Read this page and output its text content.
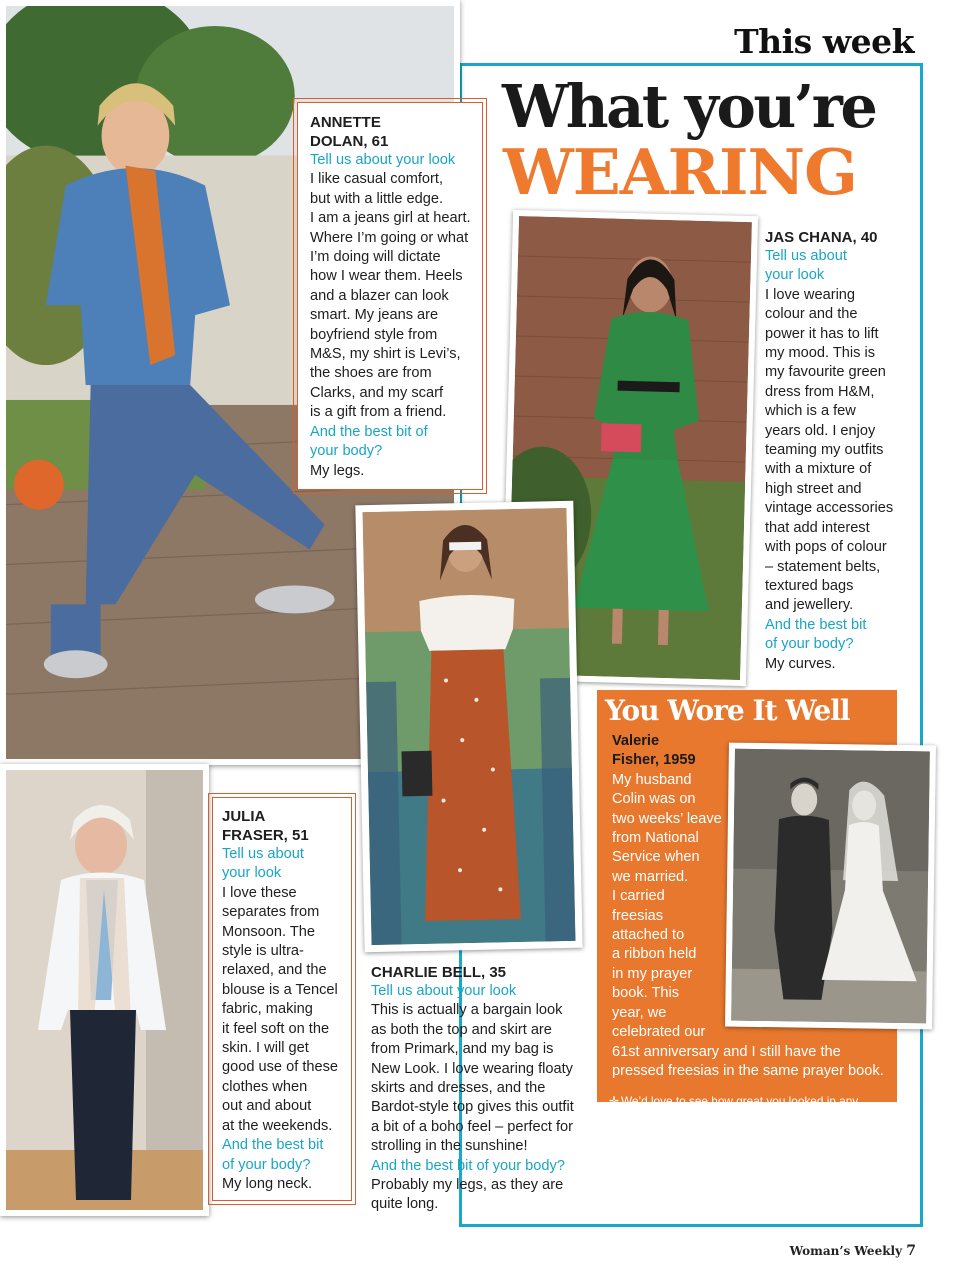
This week
What you’re
WEARING

ANNETTE
DOLAN, 61

Tell us about your look
I like casual comfort,
but with a little edge.
I am a jeans girl at heart.
Where I’m going or what
I’m doing will dictate
how I wear them. Heels
and a blazer can look
smart. My jeans are
boyfriend style from
M&S, my shirt is Levi’s,
the shoes are from
Clarks, and my scarf
is a gift from a friend.
And the best bit of
your body?
My legs.

JAS CHANA, 40

Tell us about
your look
I love wearing
colour and the
power it has to lift
my mood. This is
my favourite green
dress from H&M,
which is a few
years old. I enjoy
teaming my outfits
with a mixture of
high street and
vintage accessories
that add interest
with pops of colour
– statement belts,
textured bags
and jewellery.
And the best bit
of your body?
My curves.

JULIA
FRASER, 51

Tell us about
your look
I love these
separates from
Monsoon. The
style is ultra-
relaxed, and the
blouse is a Tencel
fabric, making
it feel soft on the
skin. I will get
good use of these
clothes when
out and about
at the weekends.
And the best bit
of your body?
My long neck.

CHARLIE BELL, 35

Tell us about your look
This is actually a bargain look
as both the top and skirt are
from Primark, and my bag is
New Look. I love wearing floaty
skirts and dresses, and the
Bardot-style top gives this outfit
a bit of a boho feel – perfect for
strolling in the sunshine!
And the best bit of your body?
Probably my legs, as they are
quite long.
You Wore It Well
Valerie
Fisher, 1959
My husband
Colin was on
two weeks’ leave
from National
Service when
we married.
I carried
freesias
attached to
a ribbon held
in my prayer
book. This
year, we
celebrated our
61st anniversary and I still have the
pressed freesias in the same prayer book.
✛ We’d love to see how great you looked in any
era up to and including the 1980s. Please send a
good-quality photo with your name, address and
daytime phone number clearly written on the back,
to: Fashion Dept, Woman’s Weekly, 161 Marsh
Wall, London E14 9AP. Photos will be returned.
Woman’s Weekly 7
